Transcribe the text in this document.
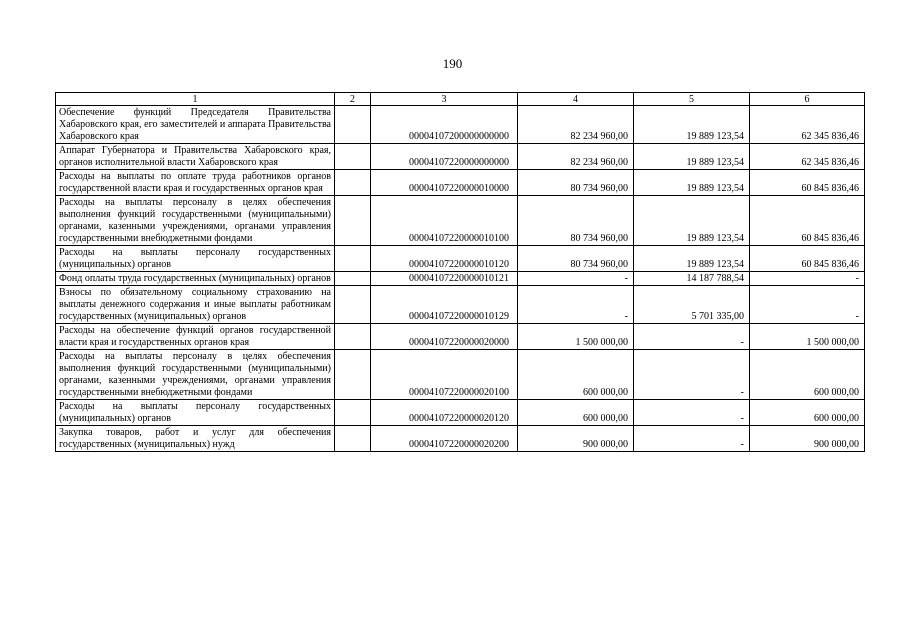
190
1	2	3	4	5	6
Обеспечение функций Председателя Правительства Хабаровского края, его заместителей и аппарата Правительства Хабаровского края		00004107200000000000	82 234 960,00	19 889 123,54	62 345 836,46
Аппарат Губернатора и Правительства Хабаровского края, органов исполнительной власти Хабаровского края		00004107220000000000	82 234 960,00	19 889 123,54	62 345 836,46
Расходы на выплаты по оплате труда работников органов государственной власти края и государственных органов края		00004107220000010000	80 734 960,00	19 889 123,54	60 845 836,46
Расходы на выплаты персоналу в целях обеспечения выполнения функций государственными (муниципальными) органами, казенными учреждениями, органами управления государственными внебюджетными фондами		00004107220000010100	80 734 960,00	19 889 123,54	60 845 836,46
Расходы на выплаты персоналу государственных (муниципальных) органов		00004107220000010120	80 734 960,00	19 889 123,54	60 845 836,46
Фонд оплаты труда государственных (муниципальных) органов		00004107220000010121	-	14 187 788,54	-
Взносы по обязательному социальному страхованию на выплаты денежного содержания и иные выплаты работникам государственных (муниципальных) органов		00004107220000010129	-	5 701 335,00	-
Расходы на обеспечение функций органов государственной власти края и государственных органов края		00004107220000020000	1 500 000,00	-	1 500 000,00
Расходы на выплаты персоналу в целях обеспечения выполнения функций государственными (муниципальными) органами, казенными учреждениями, органами управления государственными внебюджетными фондами		00004107220000020100	600 000,00	-	600 000,00
Расходы на выплаты персоналу государственных (муниципальных) органов		00004107220000020120	600 000,00	-	600 000,00
Закупка товаров, работ и услуг для обеспечения государственных (муниципальных) нужд		00004107220000020200	900 000,00	-	900 000,00
